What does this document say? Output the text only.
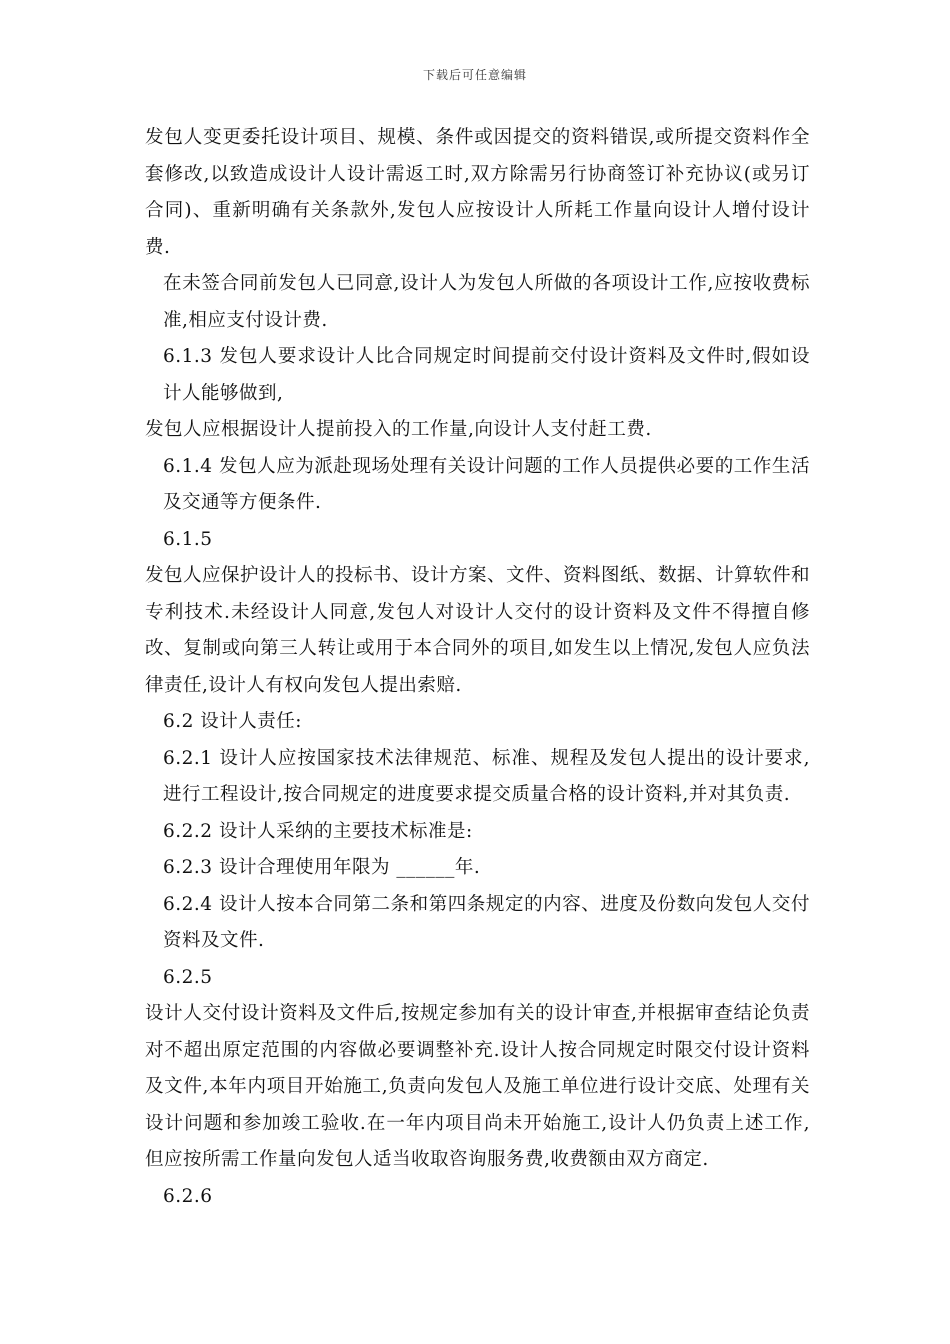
下载后可任意编辑

发包人变更委托设计项目、规模、条件或因提交的资料错误,或所提交资料作全套修改,以致造成设计人设计需返工时,双方除需另行协商签订补充协议(或另订合同)、重新明确有关条款外,发包人应按设计人所耗工作量向设计人增付设计费.

在未签合同前发包人已同意,设计人为发包人所做的各项设计工作,应按收费标准,相应支付设计费.

6.1.3 发包人要求设计人比合同规定时间提前交付设计资料及文件时,假如设计人能够做到,

发包人应根据设计人提前投入的工作量,向设计人支付赶工费.

6.1.4 发包人应为派赴现场处理有关设计问题的工作人员提供必要的工作生活及交通等方便条件.

6.1.5

发包人应保护设计人的投标书、设计方案、文件、资料图纸、数据、计算软件和专利技术.未经设计人同意,发包人对设计人交付的设计资料及文件不得擅自修改、复制或向第三人转让或用于本合同外的项目,如发生以上情况,发包人应负法律责任,设计人有权向发包人提出索赔.

6.2 设计人责任:

6.2.1 设计人应按国家技术法律规范、标准、规程及发包人提出的设计要求,进行工程设计,按合同规定的进度要求提交质量合格的设计资料,并对其负责.

6.2.2 设计人采纳的主要技术标准是:

6.2.3 设计合理使用年限为 ______年.

6.2.4 设计人按本合同第二条和第四条规定的内容、进度及份数向发包人交付资料及文件.

6.2.5

设计人交付设计资料及文件后,按规定参加有关的设计审查,并根据审查结论负责对不超出原定范围的内容做必要调整补充.设计人按合同规定时限交付设计资料及文件,本年内项目开始施工,负责向发包人及施工单位进行设计交底、处理有关设计问题和参加竣工验收.在一年内项目尚未开始施工,设计人仍负责上述工作,但应按所需工作量向发包人适当收取咨询服务费,收费额由双方商定.

6.2.6
